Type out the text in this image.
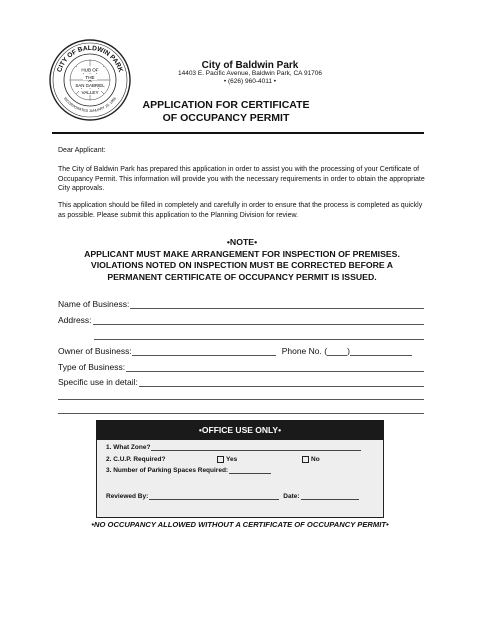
CITY OF BALDWIN PARK
INCORPORATED JANUARY 25, 1956
HUB OF
THE
SAN GABRIEL
VALLEY
City of Baldwin Park
14403 E. Pacific Avenue, Baldwin Park, CA 91706
• (626) 960-4011 •
APPLICATION FOR CERTIFICATE
OF OCCUPANCY PERMIT
Dear Applicant:
The City of Baldwin Park has prepared this application in order to assist you with the processing of your Certificate of Occupancy Permit. This information will provide you with the necessary requirements in order to obtain the appropriate City approvals.
This application should be filled in completely and carefully in order to ensure that the process is completed as quickly as possible. Please submit this application to the Planning Division for review.
•NOTE•
APPLICANT MUST MAKE ARRANGEMENT FOR INSPECTION OF PREMISES.
VIOLATIONS NOTED ON INSPECTION MUST BE CORRECTED BEFORE A
PERMANENT CERTIFICATE OF OCCUPANCY PERMIT IS ISSUED.
Name of Business:
Address:
Owner of Business:	Phone No. ( )
Type of Business:
Specific use in detail:
•OFFICE USE ONLY•
1. What Zone?
2. C.U.P. Required?	Yes	No
3. Number of Parking Spaces Required:
Reviewed By:	Date:
•NO OCCUPANCY ALLOWED WITHOUT A CERTIFICATE OF OCCUPANCY PERMIT•
